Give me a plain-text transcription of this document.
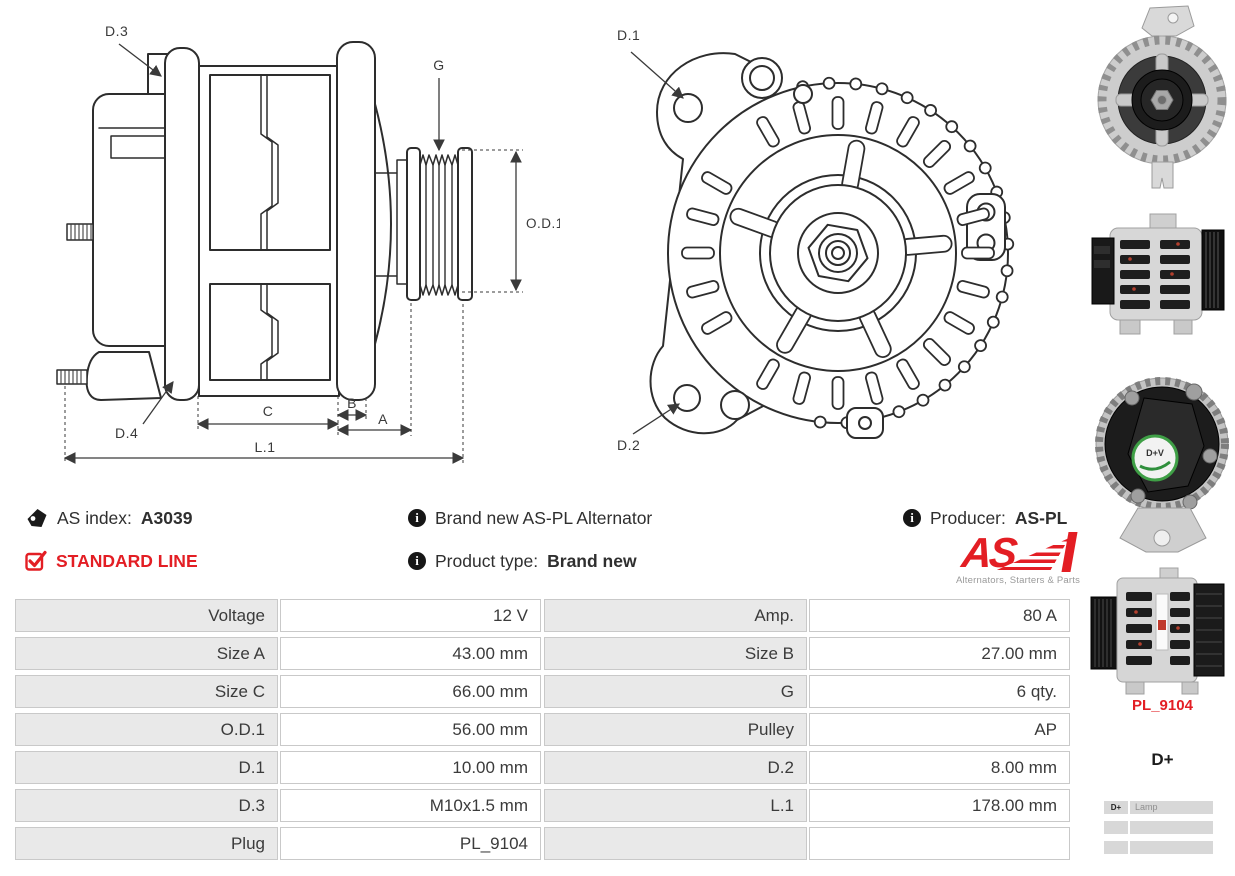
D.3
G
O.D.1
D.4
C	B
A
L.1
D.1
D.2	D+V
AS index: A3039	i Brand new AS-PL Alternator	i Producer: AS-PL
STANDARD LINE	i Product type: Brand new	AS
Alternators, Starters & Parts
Voltage	12 V	Amp.	80 A
Size A	43.00 mm	Size B	27.00 mm
Size C	66.00 mm	G	6 qty.
O.D.1	56.00 mm	Pulley	AP
D.1	10.00 mm	D.2	8.00 mm
D.3	M10x1.5 mm	L.1	178.00 mm
Plug	PL_9104
PL_9104
D+
D+	Lamp
